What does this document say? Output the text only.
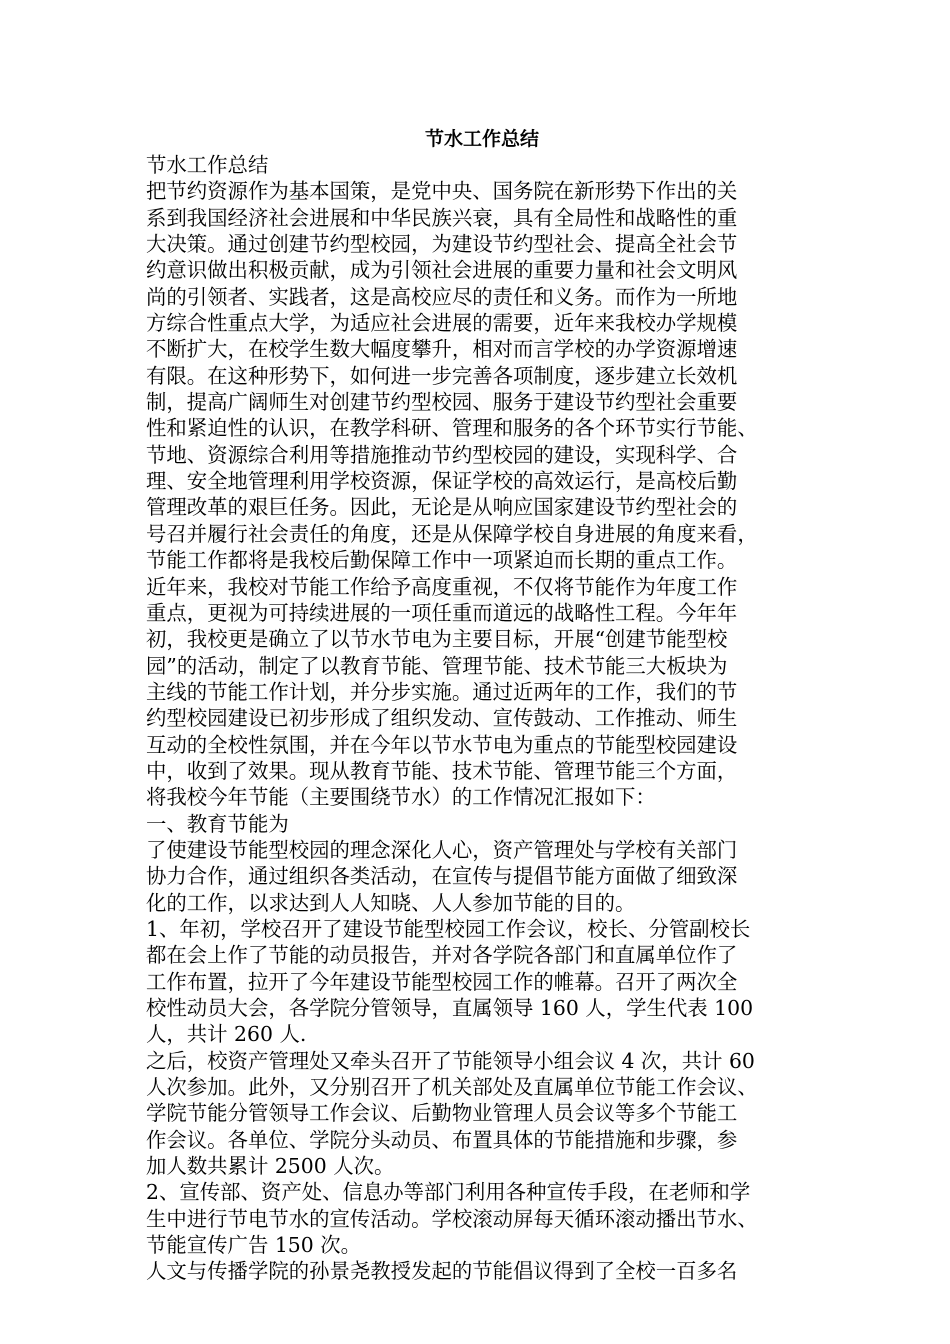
节水工作总结
节水工作总结
把节约资源作为基本国策，是党中央、国务院在新形势下作出的关
系到我国经济社会进展和中华民族兴衰，具有全局性和战略性的重
大决策。通过创建节约型校园，为建设节约型社会、提高全社会节
约意识做出积极贡献，成为引领社会进展的重要力量和社会文明风
尚的引领者、实践者，这是高校应尽的责任和义务。而作为一所地
方综合性重点大学，为适应社会进展的需要，近年来我校办学规模
不断扩大，在校学生数大幅度攀升，相对而言学校的办学资源增速
有限。在这种形势下，如何进一步完善各项制度，逐步建立长效机
制，提高广阔师生对创建节约型校园、服务于建设节约型社会重要
性和紧迫性的认识，在教学科研、管理和服务的各个环节实行节能、
节地、资源综合利用等措施推动节约型校园的建设，实现科学、合
理、安全地管理利用学校资源，保证学校的高效运行，是高校后勤
管理改革的艰巨任务。因此，无论是从响应国家建设节约型社会的
号召并履行社会责任的角度，还是从保障学校自身进展的角度来看，
节能工作都将是我校后勤保障工作中一项紧迫而长期的重点工作。
近年来，我校对节能工作给予高度重视，不仅将节能作为年度工作
重点，更视为可持续进展的一项任重而道远的战略性工程。今年年
初，我校更是确立了以节水节电为主要目标，开展“创建节能型校
园”的活动，制定了以教育节能、管理节能、技术节能三大板块为
主线的节能工作计划，并分步实施。通过近两年的工作，我们的节
约型校园建设已初步形成了组织发动、宣传鼓动、工作推动、师生
互动的全校性氛围，并在今年以节水节电为重点的节能型校园建设
中，收到了效果。现从教育节能、技术节能、管理节能三个方面，
将我校今年节能（主要围绕节水）的工作情况汇报如下：
一、教育节能为
了使建设节能型校园的理念深化人心，资产管理处与学校有关部门
协力合作，通过组织各类活动，在宣传与提倡节能方面做了细致深
化的工作，以求达到人人知晓、人人参加节能的目的。
1、年初，学校召开了建设节能型校园工作会议，校长、分管副校长
都在会上作了节能的动员报告，并对各学院各部门和直属单位作了
工作布置，拉开了今年建设节能型校园工作的帷幕。召开了两次全
校性动员大会，各学院分管领导，直属领导 160 人，学生代表 100
人，共计 260 人.
之后，校资产管理处又牵头召开了节能领导小组会议 4 次，共计 60
人次参加。此外，又分别召开了机关部处及直属单位节能工作会议、
学院节能分管领导工作会议、后勤物业管理人员会议等多个节能工
作会议。各单位、学院分头动员、布置具体的节能措施和步骤，参
加人数共累计 2500 人次。
2、宣传部、资产处、信息办等部门利用各种宣传手段，在老师和学
生中进行节电节水的宣传活动。学校滚动屏每天循环滚动播出节水、
节能宣传广告 150 次。
人文与传播学院的孙景尧教授发起的节能倡议得到了全校一百多名
